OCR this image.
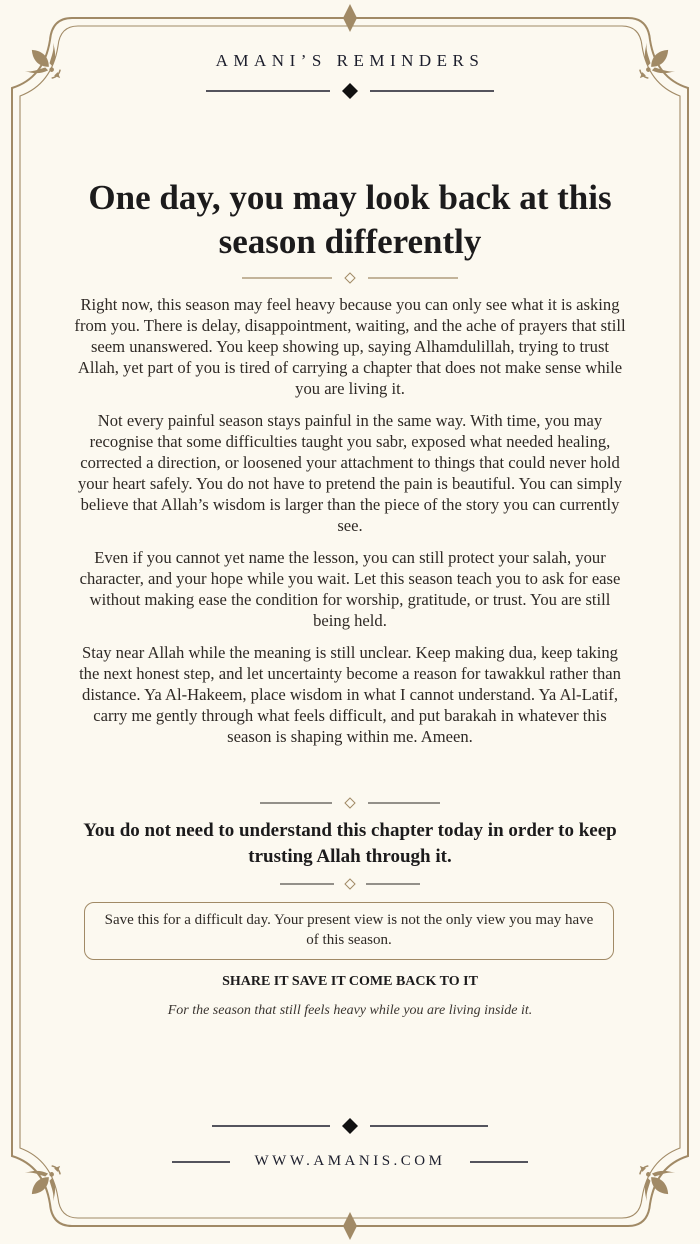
AMANI’S REMINDERS
One day, you may look back at this season differently

Right now, this season may feel heavy because you can only see what it is asking from you. There is delay, disappointment, waiting, and the ache of prayers that still seem unanswered. You keep showing up, saying Alhamdulillah, trying to trust Allah, yet part of you is tired of carrying a chapter that does not make sense while you are living it.

Not every painful season stays painful in the same way. With time, you may recognise that some difficulties taught you sabr, exposed what needed healing, corrected a direction, or loosened your attachment to things that could never hold your heart safely. You do not have to pretend the pain is beautiful. You can simply believe that Allah’s wisdom is larger than the piece of the story you can currently see.

Even if you cannot yet name the lesson, you can still protect your salah, your character, and your hope while you wait. Let this season teach you to ask for ease without making ease the condition for worship, gratitude, or trust. You are still being held.

Stay near Allah while the meaning is still unclear. Keep making dua, keep taking the next honest step, and let uncertainty become a reason for tawakkul rather than distance. Ya Al-Hakeem, place wisdom in what I cannot understand. Ya Al-Latif, carry me gently through what feels difficult, and put barakah in whatever this season is shaping within me. Ameen.

You do not need to understand this chapter today in order to keep trusting Allah through it.
Save this for a difficult day. Your present view is not the only view you may have of this season.
SHARE IT SAVE IT COME BACK TO IT
For the season that still feels heavy while you are living inside it.
WWW.AMANIS.COM
